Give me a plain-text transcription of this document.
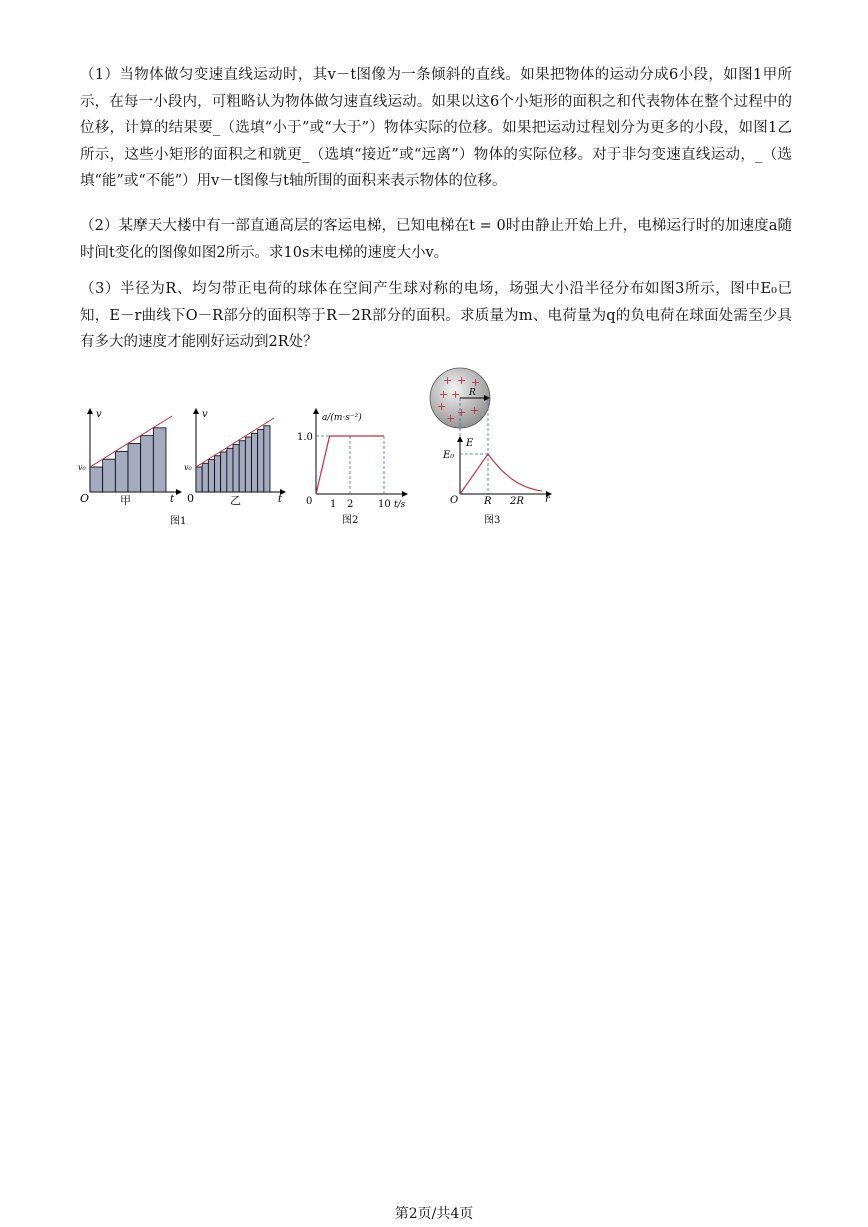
（1）当物体做匀变速直线运动时，其v－t图像为一条倾斜的直线。如果把物体的运动分成6小段，如图1甲所示，在每一小段内，可粗略认为物体做匀速直线运动。如果以这6个小矩形的面积之和代表物体在整个过程中的位移，计算的结果要_（选填“小于”或“大于”）物体实际的位移。如果把运动过程划分为更多的小段，如图1乙所示，这些小矩形的面积之和就更_（选填“接近”或“远离”）物体的实际位移。对于非匀变速直线运动，_（选填“能”或“不能”）用v－t图像与t轴所围的面积来表示物体的位移。
（2）某摩天大楼中有一部直通高层的客运电梯，已知电梯在t = 0时由静止开始上升，电梯运行时的加速度a随时间t变化的图像如图2所示。求10s末电梯的速度大小v。
（3）半径为R、均匀带正电荷的球体在空间产生球对称的电场，场强大小沿半径分布如图3所示，图中E₀已知，E－r曲线下O－R部分的面积等于R－2R部分的面积。求质量为m、电荷量为q的负电荷在球面处需至少具有多大的速度才能刚好运动到2R处？
v
v₀
O	甲	t
v
v₀
0	乙	t
图1
a/(m·s⁻²)
1.0
0 1 2 10 t/s
图2
+ + +
+ +
+ + +
+
R
E
E₀
O	R 2R r
图3
第2页/共4页
